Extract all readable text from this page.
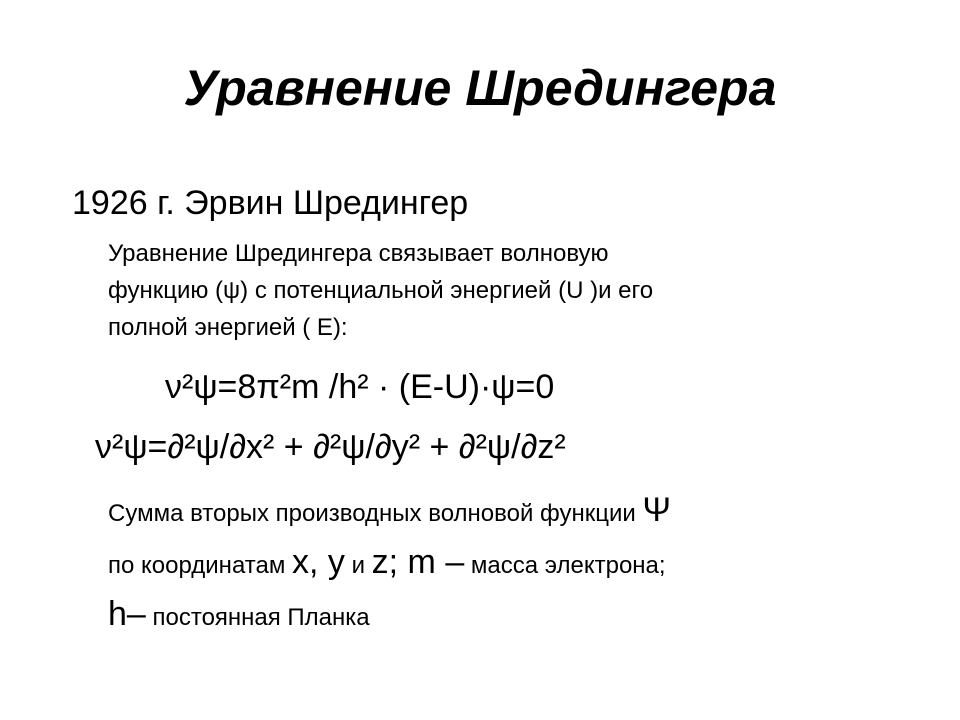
Уравнение Шредингера
1926 г. Эрвин Шредингер
Уравнение Шредингера связывает волновую
функцию (ψ) с потенциальной энергией (U )и его
полной энергией ( E):
ν²ψ=8π²m /h² · (E-U)·ψ=0
ν²ψ=∂²ψ/∂x² + ∂²ψ/∂y² + ∂²ψ/∂z²
Сумма вторых производных волновой функции Ψ
по координатам x, y и z; m – масса электрона;
h– постоянная Планка
